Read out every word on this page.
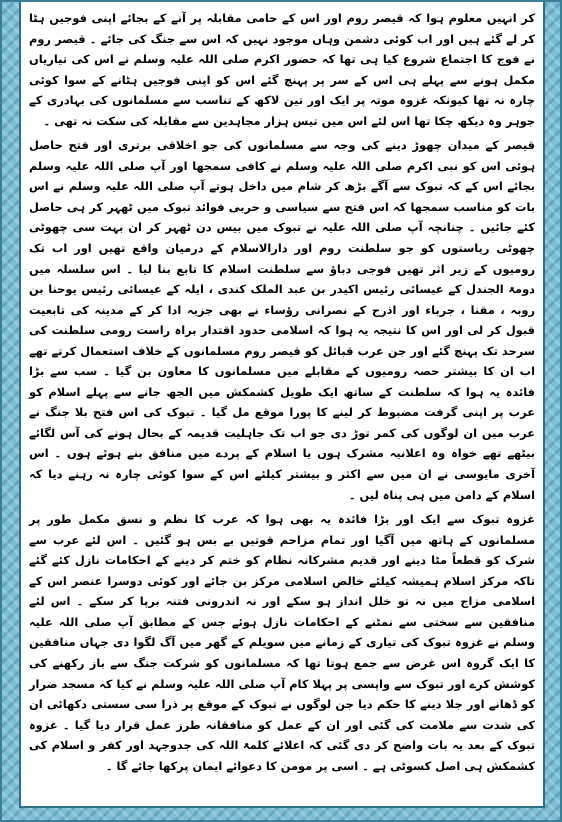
کر انہیں معلوم ہوا کہ قیصر روم اور اس کے حامی مقابلہ پر آنے کے بجائے اپنی فوجیں ہٹا کر لے گئے ہیں اور اب کوئی دشمن وہاں موجود نہیں کہ اس سے جنگ کی جائے ۔ قیصر روم نے فوج کا اجتماع شروع کیا ہی تھا کہ حضور اکرم صلی اللہ علیہ وسلم نے اس کی تیاریاں مکمل ہونے سے پہلے ہی اس کے سر پر پہنچ گئے اس کو اپنی فوجیں ہٹانے کے سوا کوئی چارہ نہ تھا کیونکہ غزوہ موتہ پر ایک اور تین لاکھ کے تناسب سے مسلمانوں کی بہادری کے جوہر وہ دیکھ چکا تھا اس لئے اس میں تیس ہزار مجاہدین سے مقابلہ کی سکت نہ تھی ۔

قیصر کے میدان چھوڑ دینے کی وجہ سے مسلمانوں کی جو اخلاقی برتری اور فتح حاصل ہوئی اس کو نبی اکرم صلی اللہ علیہ وسلم نے کافی سمجھا اور آپ صلی اللہ علیہ وسلم بجائے اس کے کہ تبوک سے آگے بڑھ کر شام میں داخل ہوتے آپ صلی اللہ علیہ وسلم نے اس بات کو مناسب سمجھا کہ اس فتح سے سیاسی و حربی فوائد تبوک میں ٹھہر کر ہی حاصل کئے جائیں ۔ چنانچہ آپ صلی اللہ علیہ نے تبوک میں بیس دن ٹھہر کر ان بہت سی چھوٹی چھوٹی ریاستوں کو جو سلطنت روم اور دارالاسلام کے درمیان واقع تھیں اور اب تک رومیوں کے زیر اثر تھیں فوجی دباؤ سے سلطنت اسلام کا تابع بنا لیا ۔ اس سلسلہ میں دومۃ الجندل کے عیسائی رئیس اکیدر بن عبد الملک کندی ، ایلہ کے عیسائی رئیس یوحنا بن روبہ ، مقنا ، جرباء اور اذرح کے نصرانی رؤساء نے بھی جزیہ ادا کر کے مدینہ کی تابعیت قبول کر لی اور اس کا نتیجہ یہ ہوا کہ اسلامی حدود اقتدار براہ راست رومی سلطنت کی سرحد تک پہنچ گئے اور جن عرب قبائل کو قیصر روم مسلمانوں کے خلاف استعمال کرتے تھے اب ان کا بیشتر حصہ رومیوں کے مقابلے میں مسلمانوں کا معاون بن گیا ۔ سب سے بڑا فائدہ یہ ہوا کہ سلطنت کے ساتھ ایک طویل کشمکش میں الجھ جانے سے پہلے اسلام کو عرب پر اپنی گرفت مضبوط کر لینے کا پورا موقع مل گیا ۔ تبوک کی اس فتح بلا جنگ نے عرب میں ان لوگوں کی کمر توڑ دی جو اب تک جاہلیت قدیمہ کے بحال ہونے کی آس لگائے بیٹھے تھے خواہ وہ اعلانیہ مشرک ہوں یا اسلام کے پردے میں منافق بنے ہوئے ہوں ۔ اس آخری مایوسی نے ان میں سے اکثر و بیشتر کیلئے اس کے سوا کوئی چارہ نہ رہنے دیا کہ اسلام کے دامن میں ہی پناہ لیں ۔

غزوہ تبوک سے ایک اور بڑا فائدہ یہ بھی ہوا کہ عرب کا نظم و نسق مکمل طور پر مسلمانوں کے ہاتھ میں آگیا اور تمام مزاحم قوتیں بے بس ہو گئیں ۔ اس لئے عرب سے شرک کو قطعاً مٹا دینے اور قدیم مشرکانہ نظام کو ختم کر دینے کے احکامات نازل کئے گئے تاکہ مرکز اسلام ہمیشہ کیلئے خالص اسلامی مرکز بن جائے اور کوئی دوسرا عنصر اس کے اسلامی مزاج میں نہ تو خلل انداز ہو سکے اور نہ اندرونی فتنہ برپا کر سکے ۔ اس لئے منافقین سے سختی سے نمٹنے کے احکامات نازل ہوئے جس کے مطابق آپ صلی اللہ علیہ وسلم نے غزوہ تبوک کی تیاری کے زمانے میں سویلم کے گھر میں آگ لگوا دی جہاں منافقین کا ایک گروہ اس غرض سے جمع ہوتا تھا کہ مسلمانوں کو شرکت جنگ سے باز رکھنے کی کوشش کرے اور تبوک سے واپسی پر پہلا کام آپ صلی اللہ علیہ وسلم نے کیا کہ مسجد ضرار کو ڈھانے اور جلا دینے کا حکم دیا جن لوگوں نے تبوک کے موقع پر ذرا سی سستی دکھائی ان کی شدت سے ملامت کی گئی اور ان کے عمل کو منافقانہ طرز عمل قرار دیا گیا ۔ غزوہ تبوک کے بعد یہ بات واضح کر دی گئی کہ اعلائے کلمۃ اللہ کی جدوجہد اور کفر و اسلام کی کشمکش ہی اصل کسوٹی ہے ۔ اسی پر مومن کا دعوائے ایمان پرکھا جائے گا ۔
